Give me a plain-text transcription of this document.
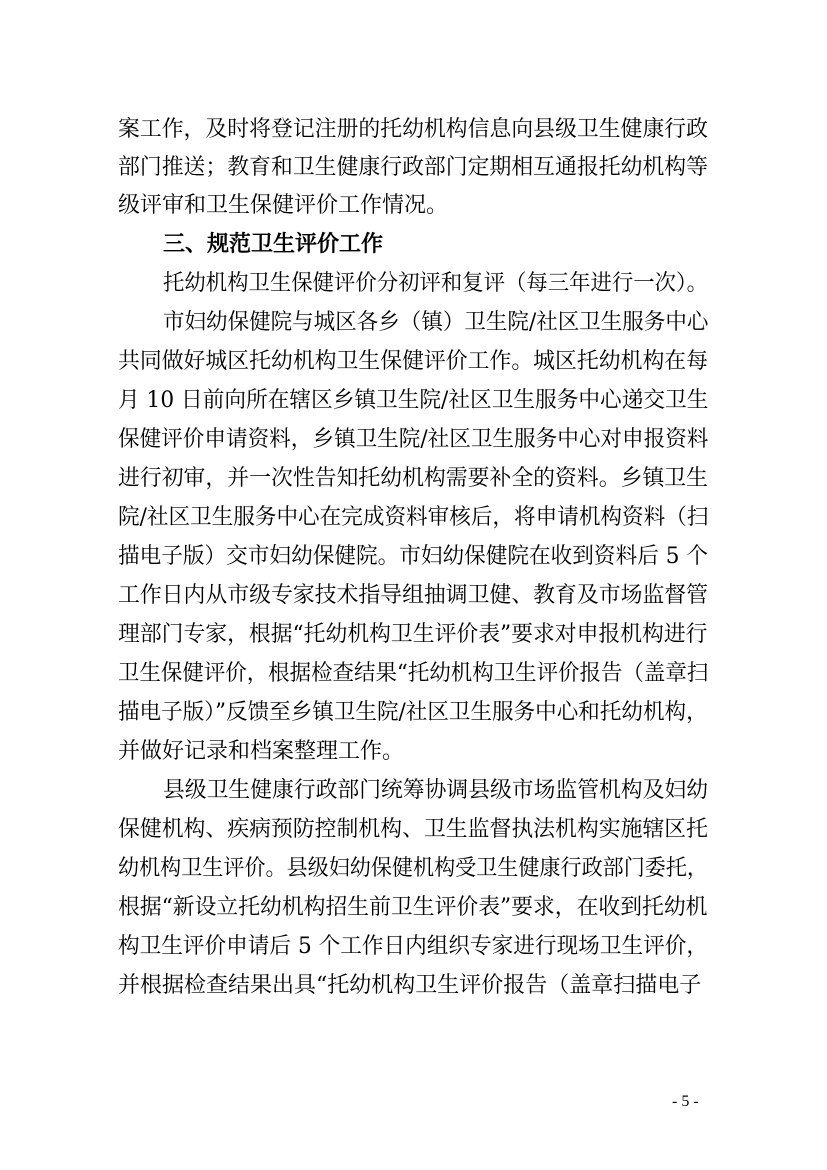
案工作，及时将登记注册的托幼机构信息向县级卫生健康行政
部门推送；教育和卫生健康行政部门定期相互通报托幼机构等
级评审和卫生保健评价工作情况。
三、规范卫生评价工作
托幼机构卫生保健评价分初评和复评（每三年进行一次）。
市妇幼保健院与城区各乡（镇）卫生院/社区卫生服务中心
共同做好城区托幼机构卫生保健评价工作。城区托幼机构在每
月 10 日前向所在辖区乡镇卫生院/社区卫生服务中心递交卫生
保健评价申请资料，乡镇卫生院/社区卫生服务中心对申报资料
进行初审，并一次性告知托幼机构需要补全的资料。乡镇卫生
院/社区卫生服务中心在完成资料审核后，将申请机构资料（扫
描电子版）交市妇幼保健院。市妇幼保健院在收到资料后 5 个
工作日内从市级专家技术指导组抽调卫健、教育及市场监督管
理部门专家，根据“托幼机构卫生评价表”要求对申报机构进行
卫生保健评价，根据检查结果“托幼机构卫生评价报告（盖章扫
描电子版）”反馈至乡镇卫生院/社区卫生服务中心和托幼机构，
并做好记录和档案整理工作。
县级卫生健康行政部门统筹协调县级市场监管机构及妇幼
保健机构、疾病预防控制机构、卫生监督执法机构实施辖区托
幼机构卫生评价。县级妇幼保健机构受卫生健康行政部门委托，
根据“新设立托幼机构招生前卫生评价表”要求，在收到托幼机
构卫生评价申请后 5 个工作日内组织专家进行现场卫生评价，
并根据检查结果出具“托幼机构卫生评价报告（盖章扫描电子
- 5 -
